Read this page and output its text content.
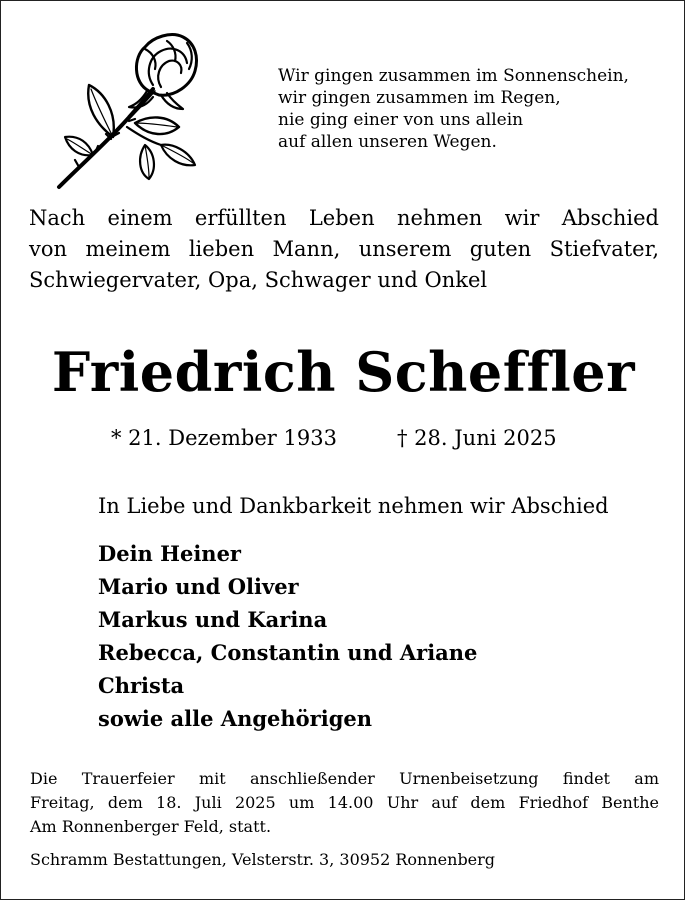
Wir gingen zusammen im Sonnenschein,
wir gingen zusammen im Regen,
nie ging einer von uns allein
auf allen unseren Wegen.
Nach einem erfüllten Leben nehmen wir Abschied
von meinem lieben Mann, unserem guten Stiefvater,
Schwiegervater, Opa, Schwager und Onkel
Friedrich Scheffler
* 21. Dezember 1933	† 28. Juni 2025
In Liebe und Dankbarkeit nehmen wir Abschied
Dein Heiner
Mario und Oliver
Markus und Karina
Rebecca, Constantin und Ariane
Christa
sowie alle Angehörigen
Die Trauerfeier mit anschließender Urnenbeisetzung findet am
Freitag, dem 18. Juli 2025 um 14.00 Uhr auf dem Friedhof Benthe
Am Ronnenberger Feld, statt.
Schramm Bestattungen, Velsterstr. 3, 30952 Ronnenberg
